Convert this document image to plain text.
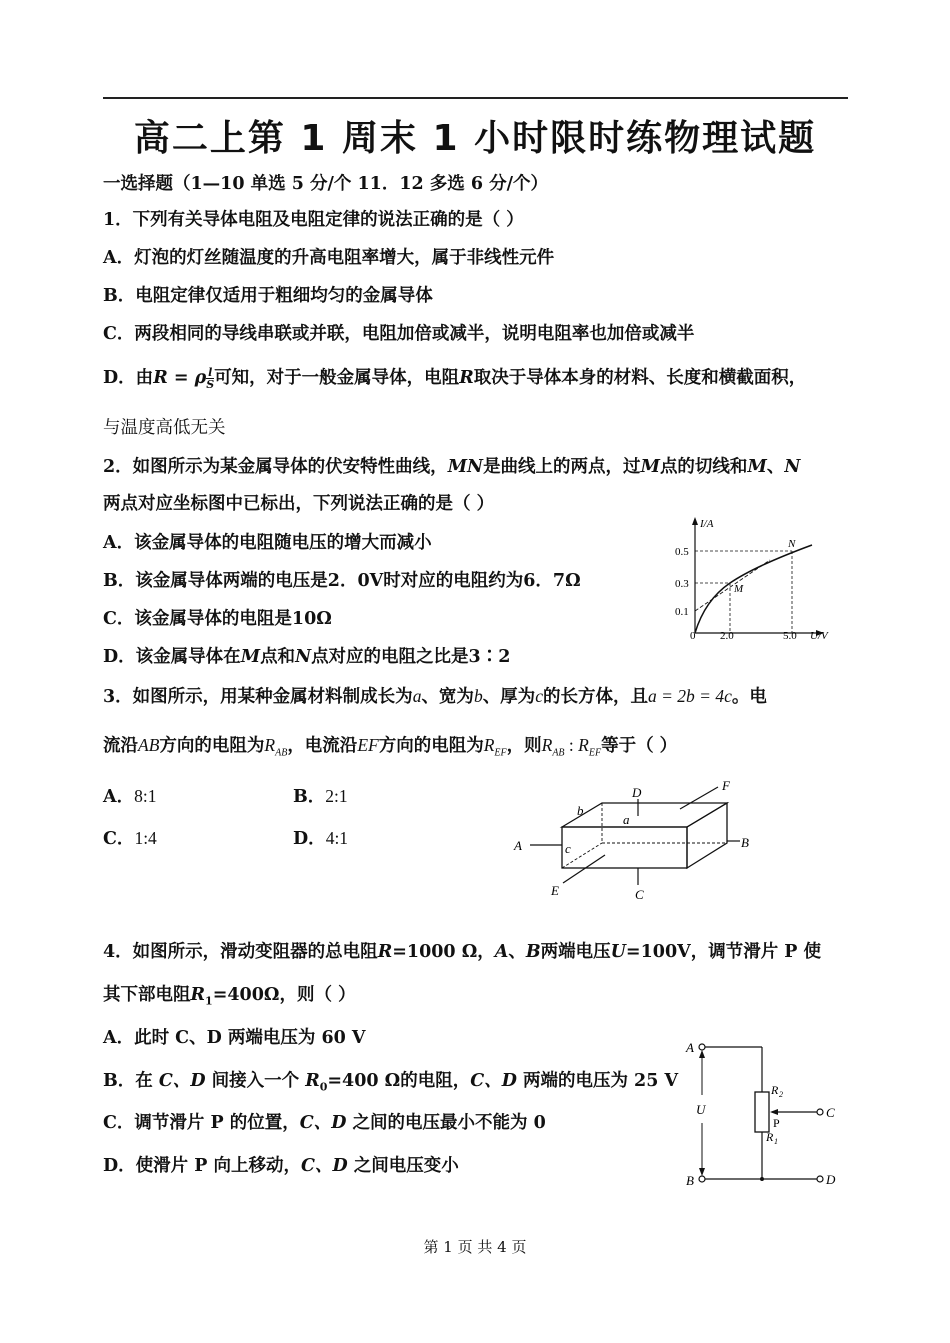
高二上第 1 周末 1 小时限时练物理试题
一选择题（1—10 单选 5 分/个 11．12 多选 6 分/个）
1．下列有关导体电阻及电阻定律的说法正确的是（ ）
A．灯泡的灯丝随温度的升高电阻率增大，属于非线性元件
B．电阻定律仅适用于粗细均匀的金属导体
C．两段相同的导线串联或并联，电阻加倍或减半，说明电阻率也加倍或减半
D．由R = ρ $\frac{l}{S}$ 可知，对于一般金属导体，电阻R取决于导体本身的材料、长度和横截面积，
与温度高低无关
2．如图所示为某金属导体的伏安特性曲线，MN是曲线上的两点，过M点的切线和M、N
两点对应坐标图中已标出，下列说法正确的是（ ）
A．该金属导体的电阻随电压的增大而减小
B．该金属导体两端的电压是2．0V时对应的电阻约为6．7Ω
C．该金属导体的电阻是10Ω
D．该金属导体在M点和N点对应的电阻之比是3∶2
I/A
U/V
0.5
0.3
0.1
0 2.0	5.0
M
N
3．如图所示，用某种金属材料制成长为a、宽为b、厚为c的长方体，且a = 2b = 4c。电
流沿AB方向的电阻为$R_{AB}$，电流沿EF方向的电阻为$R_{EF}$，则$R_{AB}$ : $R_{EF}$等于（ ）
A．8:1	B．2:1
C．1:4	D．4:1	A	B
C
D
E
F
a
b
c
4．如图所示，滑动变阻器的总电阻R=1000 Ω，A、B两端电压U=100V，调节滑片 P 使
其下部电阻$R_1=400\Omega$，则（ ）
A．此时 C、D 两端电压为 60 V
B．在 C、D 间接入一个 $R_0=400$ Ω的电阻，C、D 两端的电压为 25 V
C．调节滑片 P 的位置，C、D 之间的电压最小不能为 0
D．使滑片 P 向上移动，C、D 之间电压变小
A
B
C
D
U
R 2
R 1
P
第 1 页 共 4 页
